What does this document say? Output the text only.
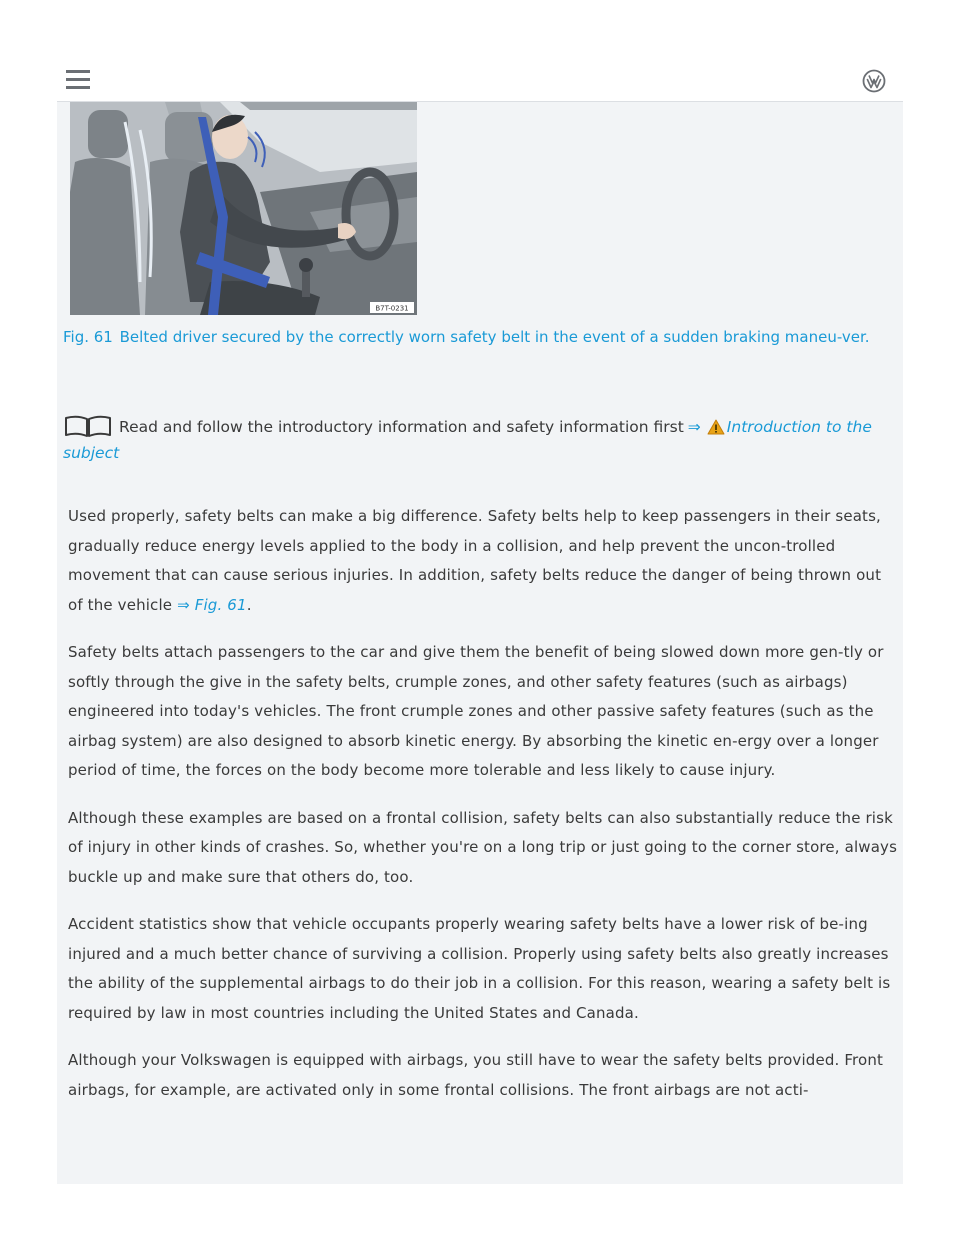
B7T-0231
Fig. 61 Belted driver secured by the correctly worn safety belt in the event of a sudden braking maneu-ver.
Read and follow the introductory information and safety information first ⇒ Introduction to the subject

Used properly, safety belts can make a big difference. Safety belts help to keep passengers in their seats, gradually reduce energy levels applied to the body in a collision, and help prevent the uncon-trolled movement that can cause serious injuries. In addition, safety belts reduce the danger of being thrown out of the vehicle ⇒ Fig. 61.

Safety belts attach passengers to the car and give them the benefit of being slowed down more gen-tly or softly through the give in the safety belts, crumple zones, and other safety features (such as airbags) engineered into today's vehicles. The front crumple zones and other passive safety features (such as the airbag system) are also designed to absorb kinetic energy. By absorbing the kinetic en-ergy over a longer period of time, the forces on the body become more tolerable and less likely to cause injury.

Although these examples are based on a frontal collision, safety belts can also substantially reduce the risk of injury in other kinds of crashes. So, whether you're on a long trip or just going to the corner store, always buckle up and make sure that others do, too.

Accident statistics show that vehicle occupants properly wearing safety belts have a lower risk of be-ing injured and a much better chance of surviving a collision. Properly using safety belts also greatly increases the ability of the supplemental airbags to do their job in a collision. For this reason, wearing a safety belt is required by law in most countries including the United States and Canada.

Although your Volkswagen is equipped with airbags, you still have to wear the safety belts provided. Front airbags, for example, are activated only in some frontal collisions. The front airbags are not acti-
